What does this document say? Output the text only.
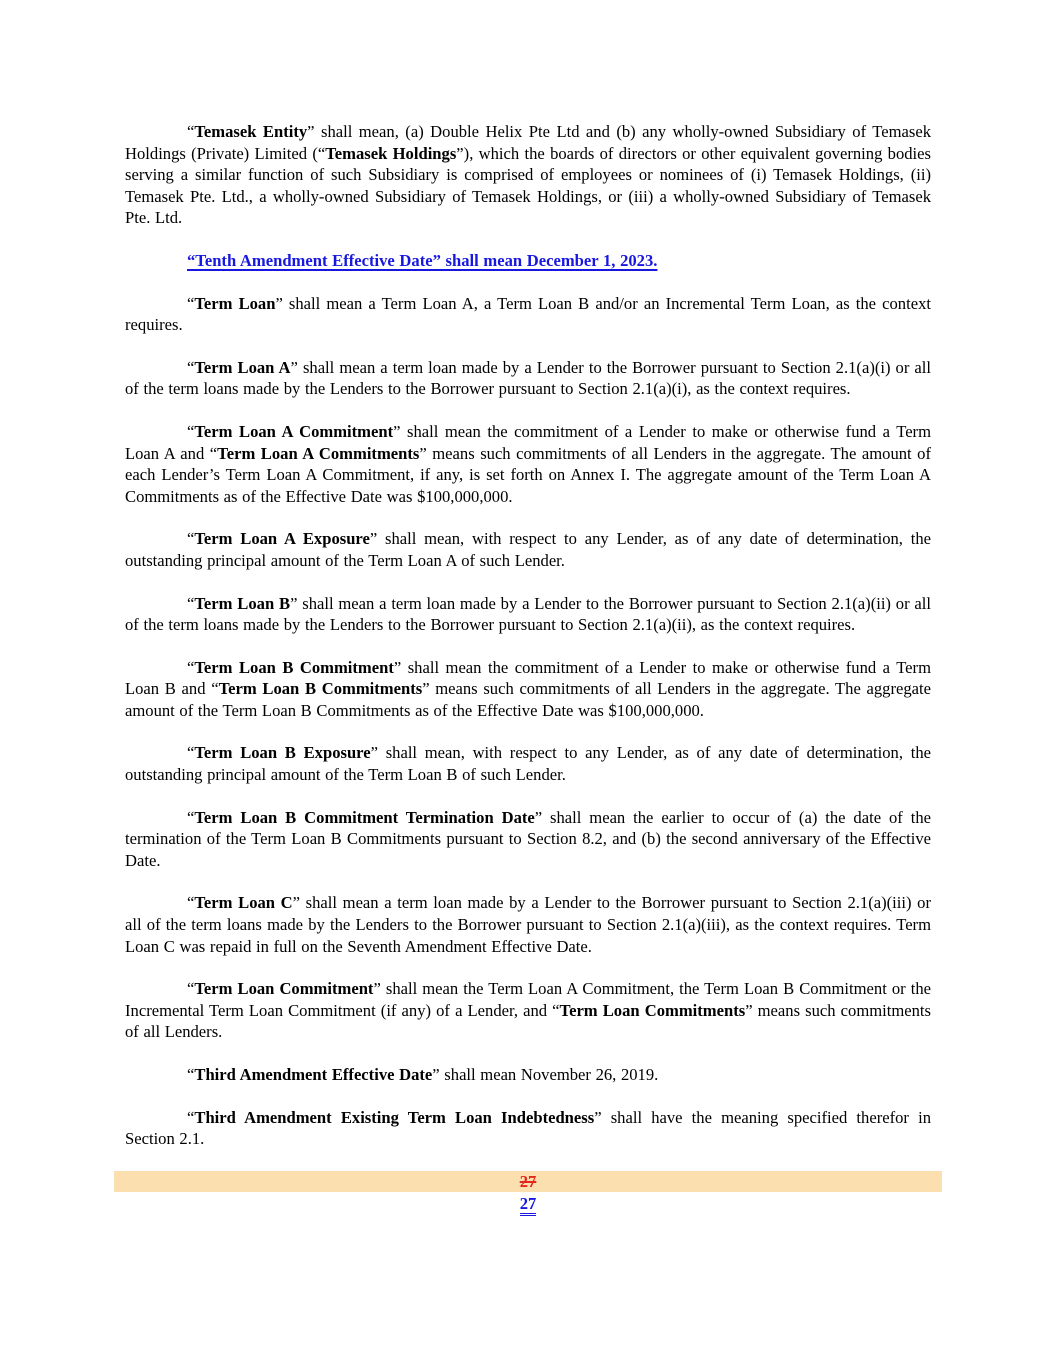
“Temasek Entity” shall mean, (a) Double Helix Pte Ltd and (b) any wholly-owned Subsidiary of Temasek Holdings (Private) Limited (“Temasek Holdings”), which the boards of directors or other equivalent governing bodies serving a similar function of such Subsidiary is comprised of employees or nominees of (i) Temasek Holdings, (ii) Temasek Pte. Ltd., a wholly-owned Subsidiary of Temasek Holdings, or (iii) a wholly-owned Subsidiary of Temasek Pte. Ltd.

“Tenth Amendment Effective Date” shall mean December 1, 2023.

“Term Loan” shall mean a Term Loan A, a Term Loan B and/or an Incremental Term Loan, as the context requires.

“Term Loan A” shall mean a term loan made by a Lender to the Borrower pursuant to Section 2.1(a)(i) or all of the term loans made by the Lenders to the Borrower pursuant to Section 2.1(a)(i), as the context requires.

“Term Loan A Commitment” shall mean the commitment of a Lender to make or otherwise fund a Term Loan A and “Term Loan A Commitments” means such commitments of all Lenders in the aggregate. The amount of each Lender’s Term Loan A Commitment, if any, is set forth on Annex I. The aggregate amount of the Term Loan A Commitments as of the Effective Date was $100,000,000.

“Term Loan A Exposure” shall mean, with respect to any Lender, as of any date of determination, the outstanding principal amount of the Term Loan A of such Lender.

“Term Loan B” shall mean a term loan made by a Lender to the Borrower pursuant to Section 2.1(a)(ii) or all of the term loans made by the Lenders to the Borrower pursuant to Section 2.1(a)(ii), as the context requires.

“Term Loan B Commitment” shall mean the commitment of a Lender to make or otherwise fund a Term Loan B and “Term Loan B Commitments” means such commitments of all Lenders in the aggregate. The aggregate amount of the Term Loan B Commitments as of the Effective Date was $100,000,000.

“Term Loan B Exposure” shall mean, with respect to any Lender, as of any date of determination, the outstanding principal amount of the Term Loan B of such Lender.

“Term Loan B Commitment Termination Date” shall mean the earlier to occur of (a) the date of the termination of the Term Loan B Commitments pursuant to Section 8.2, and (b) the second anniversary of the Effective Date.

“Term Loan C” shall mean a term loan made by a Lender to the Borrower pursuant to Section 2.1(a)(iii) or all of the term loans made by the Lenders to the Borrower pursuant to Section 2.1(a)(iii), as the context requires. Term Loan C was repaid in full on the Seventh Amendment Effective Date.

“Term Loan Commitment” shall mean the Term Loan A Commitment, the Term Loan B Commitment or the Incremental Term Loan Commitment (if any) of a Lender, and “Term Loan Commitments” means such commitments of all Lenders.

“Third Amendment Effective Date” shall mean November 26, 2019.

“Third Amendment Existing Term Loan Indebtedness” shall have the meaning specified therefor in Section 2.1.

27
27
